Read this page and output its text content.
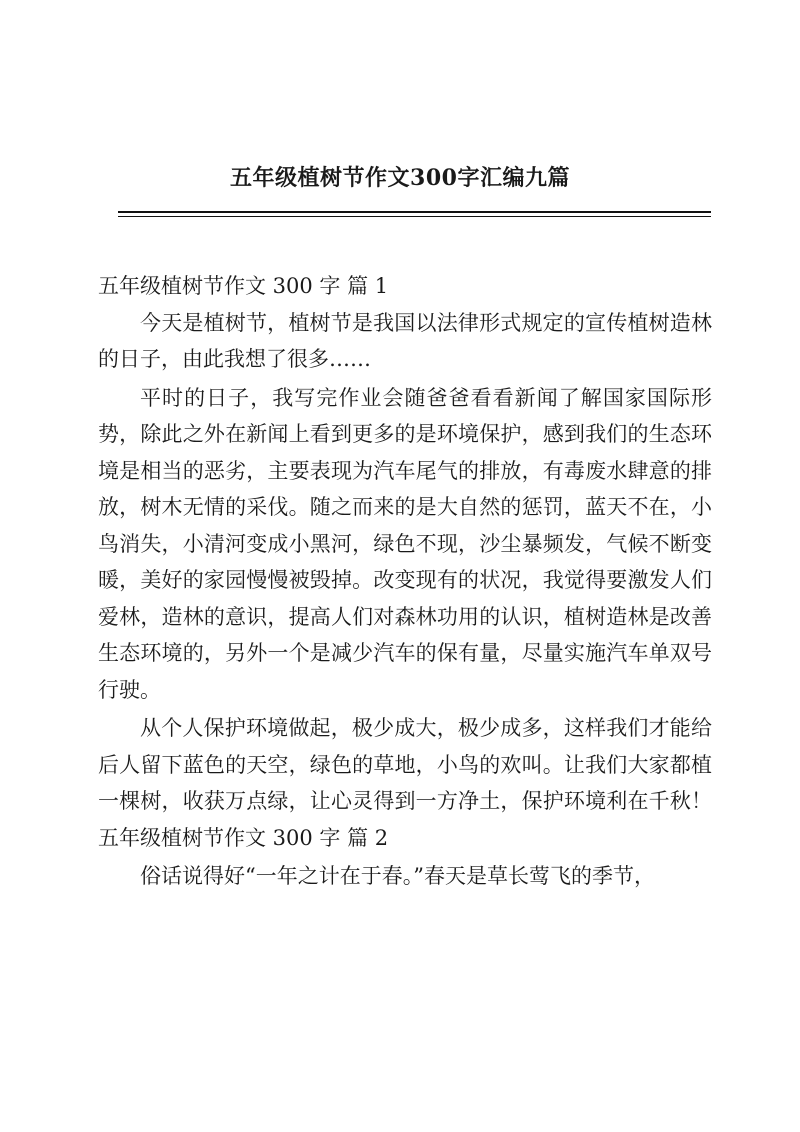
五年级植树节作文300字汇编九篇

五年级植树节作文 300 字 篇 1

今天是植树节，植树节是我国以法律形式规定的宣传植树造林的日子，由此我想了很多……

平时的日子，我写完作业会随爸爸看看新闻了解国家国际形势，除此之外在新闻上看到更多的是环境保护，感到我们的生态环境是相当的恶劣，主要表现为汽车尾气的排放，有毒废水肆意的排放，树木无情的采伐。随之而来的是大自然的惩罚，蓝天不在，小鸟消失，小清河变成小黑河，绿色不现，沙尘暴频发，气候不断变暖，美好的家园慢慢被毁掉。改变现有的状况，我觉得要激发人们爱林，造林的意识，提高人们对森林功用的认识，植树造林是改善生态环境的，另外一个是减少汽车的保有量，尽量实施汽车单双号行驶。

从个人保护环境做起，极少成大，极少成多，这样我们才能给后人留下蓝色的天空，绿色的草地，小鸟的欢叫。让我们大家都植一棵树，收获万点绿，让心灵得到一方净土，保护环境利在千秋！五年级植树节作文 300 字 篇 2

俗话说得好“一年之计在于春。”春天是草长莺飞的季节，
